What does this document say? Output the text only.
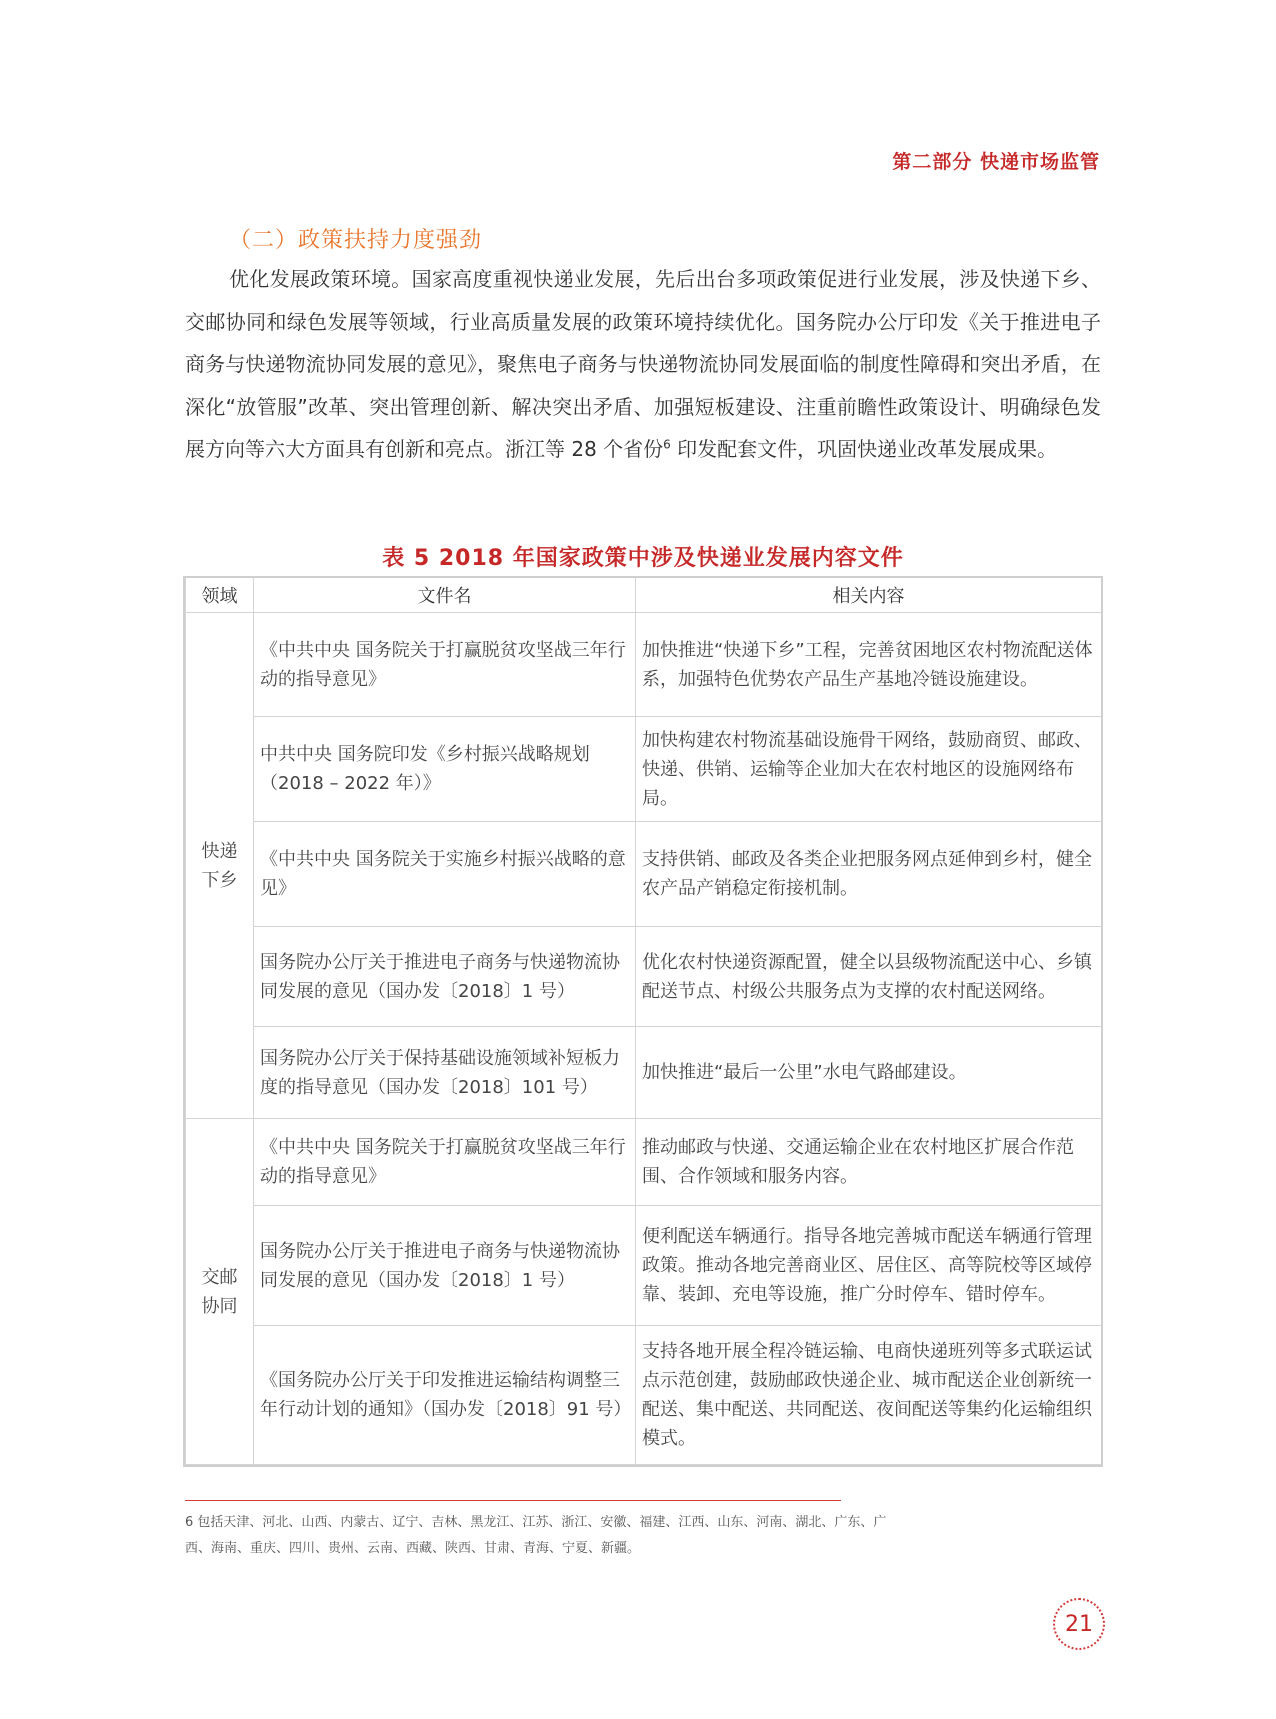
第二部分 快递市场监管
（二）政策扶持力度强劲

优化发展政策环境。国家高度重视快递业发展，先后出台多项政策促进行业发展，涉及快递下乡、交邮协同和绿色发展等领域，行业高质量发展的政策环境持续优化。国务院办公厅印发《关于推进电子商务与快递物流协同发展的意见》，聚焦电子商务与快递物流协同发展面临的制度性障碍和突出矛盾，在深化“放管服”改革、突出管理创新、解决突出矛盾、加强短板建设、注重前瞻性政策设计、明确绿色发展方向等六大方面具有创新和亮点。浙江等 28 个省份$^6$ 印发配套文件，巩固快递业改革发展成果。

表 5 2018 年国家政策中涉及快递业发展内容文件
领域	文件名	相关内容

快递下乡	《中共中央 国务院关于打赢脱贫攻坚战三年行动的指导意见》	加快推进“快递下乡”工程，完善贫困地区农村物流配送体系，加强特色优势农产品生产基地冷链设施建设。
	中共中央 国务院印发《乡村振兴战略规划（2018 – 2022 年）》	加快构建农村物流基础设施骨干网络，鼓励商贸、邮政、快递、供销、运输等企业加大在农村地区的设施网络布局。
	《中共中央 国务院关于实施乡村振兴战略的意见》	支持供销、邮政及各类企业把服务网点延伸到乡村，健全农产品产销稳定衔接机制。
	国务院办公厅关于推进电子商务与快递物流协同发展的意见（国办发〔2018〕1 号）	优化农村快递资源配置，健全以县级物流配送中心、乡镇配送节点、村级公共服务点为支撑的农村配送网络。
	国务院办公厅关于保持基础设施领域补短板力度的指导意见（国办发〔2018〕101 号）	加快推进“最后一公里”水电气路邮建设。

交邮协同	《中共中央 国务院关于打赢脱贫攻坚战三年行动的指导意见》	推动邮政与快递、交通运输企业在农村地区扩展合作范围、合作领域和服务内容。
	国务院办公厅关于推进电子商务与快递物流协同发展的意见（国办发〔2018〕1 号）	便利配送车辆通行。指导各地完善城市配送车辆通行管理政策。推动各地完善商业区、居住区、高等院校等区域停靠、装卸、充电等设施，推广分时停车、错时停车。
	《国务院办公厅关于印发推进运输结构调整三年行动计划的通知》（国办发〔2018〕91 号）	支持各地开展全程冷链运输、电商快递班列等多式联运试点示范创建，鼓励邮政快递企业、城市配送企业创新统一配送、集中配送、共同配送、夜间配送等集约化运输组织模式。
6 包括天津、河北、山西、内蒙古、辽宁、吉林、黑龙江、江苏、浙江、安徽、福建、江西、山东、河南、湖北、广东、广西、海南、重庆、四川、贵州、云南、西藏、陕西、甘肃、青海、宁夏、新疆。
21
